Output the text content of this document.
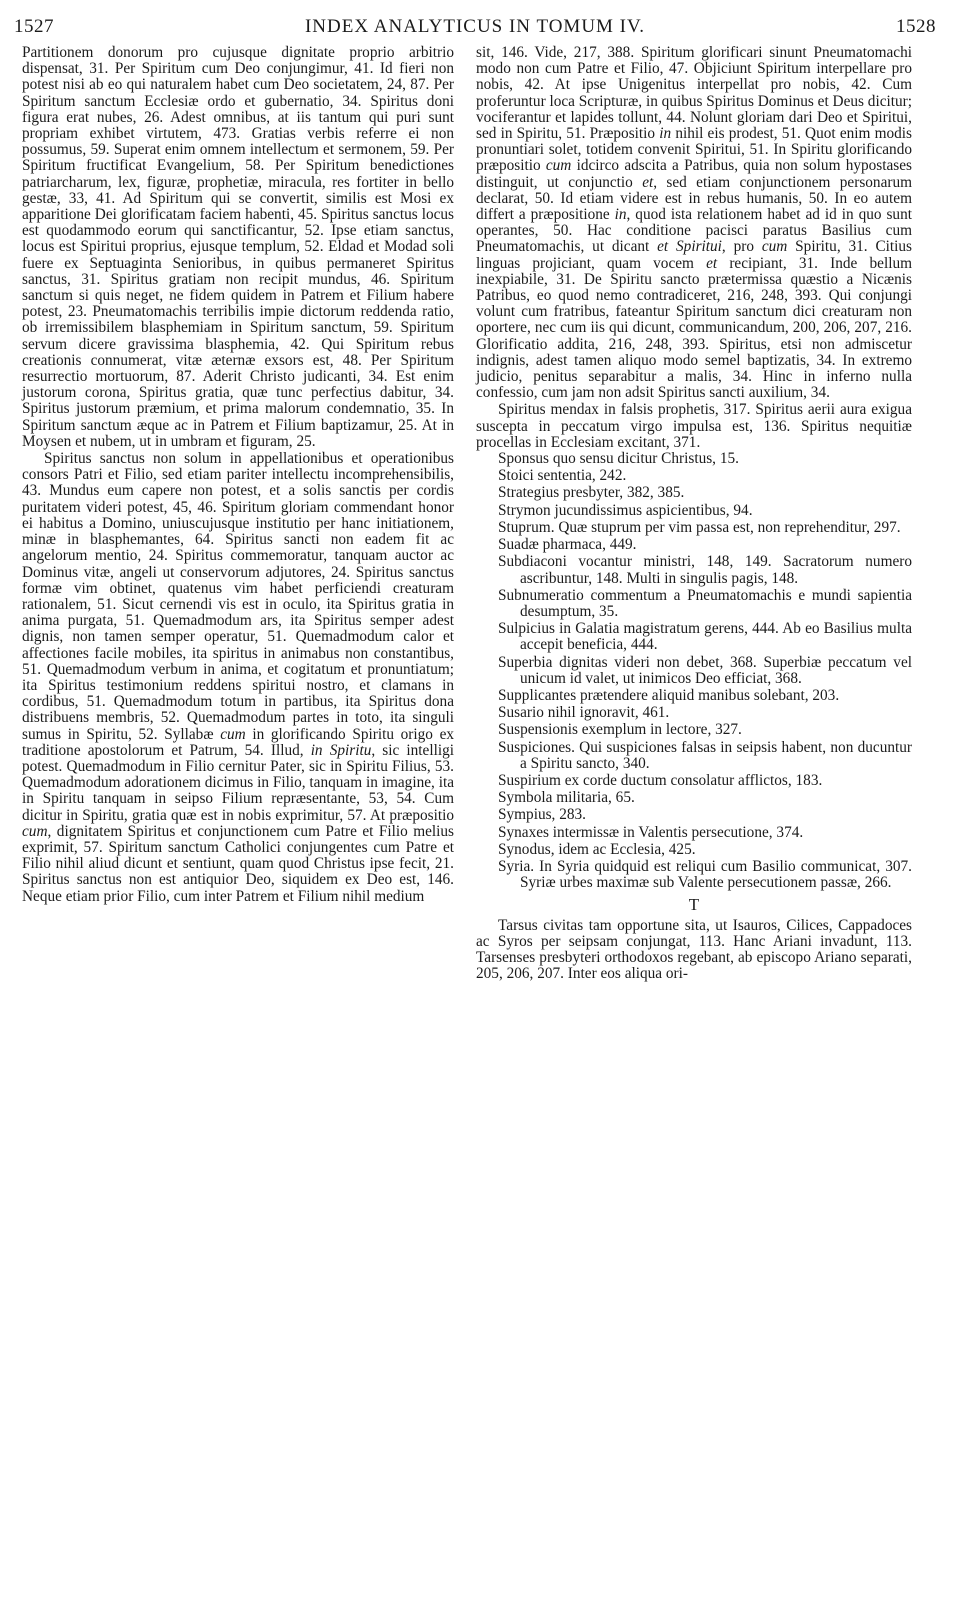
1527	INDEX ANALYTICUS IN TOMUM IV.	1528

Partitionem donorum pro cujusque dignitate proprio arbitrio dispensat, 31. Per Spiritum cum Deo conjungimur, 41. Id fieri non potest nisi ab eo qui naturalem habet cum Deo societatem, 24, 87. Per Spiritum sanctum Ecclesiæ ordo et gubernatio, 34. Spiritus doni figura erat nubes, 26. Adest omnibus, at iis tantum qui puri sunt propriam exhibet virtutem, 473. Gratias verbis referre ei non possumus, 59. Superat enim omnem intellectum et sermonem, 59. Per Spiritum fructificat Evangelium, 58. Per Spiritum benedictiones patriarcharum, lex, figuræ, prophetiæ, miracula, res fortiter in bello gestæ, 33, 41. Ad Spiritum qui se convertit, similis est Mosi ex apparitione Dei glorificatam faciem habenti, 45. Spiritus sanctus locus est quodammodo eorum qui sanctificantur, 52. Ipse etiam sanctus, locus est Spiritui proprius, ejusque templum, 52. Eldad et Modad soli fuere ex Septuaginta Senioribus, in quibus permaneret Spiritus sanctus, 31. Spiritus gratiam non recipit mundus, 46. Spiritum sanctum si quis neget, ne fidem quidem in Patrem et Filium habere potest, 23. Pneumatomachis terribilis impie dictorum reddenda ratio, ob irremissibilem blasphemiam in Spiritum sanctum, 59. Spiritum servum dicere gravissima blasphemia, 42. Qui Spiritum rebus creationis connumerat, vitæ æternæ exsors est, 48. Per Spiritum resurrectio mortuorum, 87. Aderit Christo judicanti, 34. Est enim justorum corona, Spiritus gratia, quæ tunc perfectius dabitur, 34. Spiritus justorum præmium, et prima malorum condemnatio, 35. In Spiritum sanctum æque ac in Patrem et Filium baptizamur, 25. At in Moysen et nubem, ut in umbram et figuram, 25.

Spiritus sanctus non solum in appellationibus et operationibus consors Patri et Filio, sed etiam pariter intellectu incomprehensibilis, 43. Mundus eum capere non potest, et a solis sanctis per cordis puritatem videri potest, 45, 46. Spiritum gloriam commendant honor ei habitus a Domino, uniuscujusque institutio per hanc initiationem, minæ in blasphemantes, 64. Spiritus sancti non eadem fit ac angelorum mentio, 24. Spiritus commemoratur, tanquam auctor ac Dominus vitæ, angeli ut conservorum adjutores, 24. Spiritus sanctus formæ vim obtinet, quatenus vim habet perficiendi creaturam rationalem, 51. Sicut cernendi vis est in oculo, ita Spiritus gratia in anima purgata, 51. Quemadmodum ars, ita Spiritus semper adest dignis, non tamen semper operatur, 51. Quemadmodum calor et affectiones facile mobiles, ita spiritus in animabus non constantibus, 51. Quemadmodum verbum in anima, et cogitatum et pronuntiatum; ita Spiritus testimonium reddens spiritui nostro, et clamans in cordibus, 51. Quemadmodum totum in partibus, ita Spiritus dona distribuens membris, 52. Quemadmodum partes in toto, ita singuli sumus in Spiritu, 52. Syllabæ cum in glorificando Spiritu origo ex traditione apostolorum et Patrum, 54. Illud, in Spiritu, sic intelligi potest. Quemadmodum in Filio cernitur Pater, sic in Spiritu Filius, 53. Quemadmodum adorationem dicimus in Filio, tanquam in imagine, ita in Spiritu tanquam in seipso Filium repræsentante, 53, 54. Cum dicitur in Spiritu, gratia quæ est in nobis exprimitur, 57. At præpositio cum, dignitatem Spiritus et conjunctionem cum Patre et Filio melius exprimit, 57. Spiritum sanctum Catholici conjungentes cum Patre et Filio nihil aliud dicunt et sentiunt, quam quod Christus ipse fecit, 21. Spiritus sanctus non est antiquior Deo, siquidem ex Deo est, 146. Neque etiam prior Filio, cum inter Patrem et Filium nihil medium

sit, 146. Vide, 217, 388. Spiritum glorificari sinunt Pneumatomachi modo non cum Patre et Filio, 47. Objiciunt Spiritum interpellare pro nobis, 42. At ipse Unigenitus interpellat pro nobis, 42. Cum proferuntur loca Scripturæ, in quibus Spiritus Dominus et Deus dicitur; vociferantur et lapides tollunt, 44. Nolunt gloriam dari Deo et Spiritui, sed in Spiritu, 51. Præpositio in nihil eis prodest, 51. Quot enim modis pronuntiari solet, totidem convenit Spiritui, 51. In Spiritu glorificando præpositio cum idcirco adscita a Patribus, quia non solum hypostases distinguit, ut conjunctio et, sed etiam conjunctionem personarum declarat, 50. Id etiam videre est in rebus humanis, 50. In eo autem differt a præpositione in, quod ista relationem habet ad id in quo sunt operantes, 50. Hac conditione pacisci paratus Basilius cum Pneumatomachis, ut dicant et Spiritui, pro cum Spiritu, 31. Citius linguas projiciant, quam vocem et recipiant, 31. Inde bellum inexpiabile, 31. De Spiritu sancto prætermissa quæstio a Nicænis Patribus, eo quod nemo contradiceret, 216, 248, 393. Qui conjungi volunt cum fratribus, fateantur Spiritum sanctum dici creaturam non oportere, nec cum iis qui dicunt, communicandum, 200, 206, 207, 216. Glorificatio addita, 216, 248, 393. Spiritus, etsi non admiscetur indignis, adest tamen aliquo modo semel baptizatis, 34. In extremo judicio, penitus separabitur a malis, 34. Hinc in inferno nulla confessio, cum jam non adsit Spiritus sancti auxilium, 34.

Spiritus mendax in falsis prophetis, 317. Spiritus aerii aura exigua suscepta in peccatum virgo impulsa est, 136. Spiritus nequitiæ procellas in Ecclesiam excitant, 371.

Sponsus quo sensu dicitur Christus, 15.

Stoici sententia, 242.

Strategius presbyter, 382, 385.

Strymon jucundissimus aspicientibus, 94.

Stuprum. Quæ stuprum per vim passa est, non reprehenditur, 297.

Suadæ pharmaca, 449.

Subdiaconi vocantur ministri, 148, 149. Sacratorum numero ascribuntur, 148. Multi in singulis pagis, 148.

Subnumeratio commentum a Pneumatomachis e mundi sapientia desumptum, 35.

Sulpicius in Galatia magistratum gerens, 444. Ab eo Basilius multa accepit beneficia, 444.

Superbia dignitas videri non debet, 368. Superbiæ peccatum vel unicum id valet, ut inimicos Deo efficiat, 368.

Supplicantes prætendere aliquid manibus solebant, 203.

Susario nihil ignoravit, 461.

Suspensionis exemplum in lectore, 327.

Suspiciones. Qui suspiciones falsas in seipsis habent, non ducuntur a Spiritu sancto, 340.

Suspirium ex corde ductum consolatur afflictos, 183.

Symbola militaria, 65.

Sympius, 283.

Synaxes intermissæ in Valentis persecutione, 374.

Synodus, idem ac Ecclesia, 425.

Syria. In Syria quidquid est reliqui cum Basilio communicat, 307. Syriæ urbes maximæ sub Valente persecutionem passæ, 266.

T

Tarsus civitas tam opportune sita, ut Isauros, Cilices, Cappadoces ac Syros per seipsam conjungat, 113. Hanc Ariani invadunt, 113. Tarsenses presbyteri orthodoxos regebant, ab episcopo Ariano separati, 205, 206, 207. Inter eos aliqua ori-
